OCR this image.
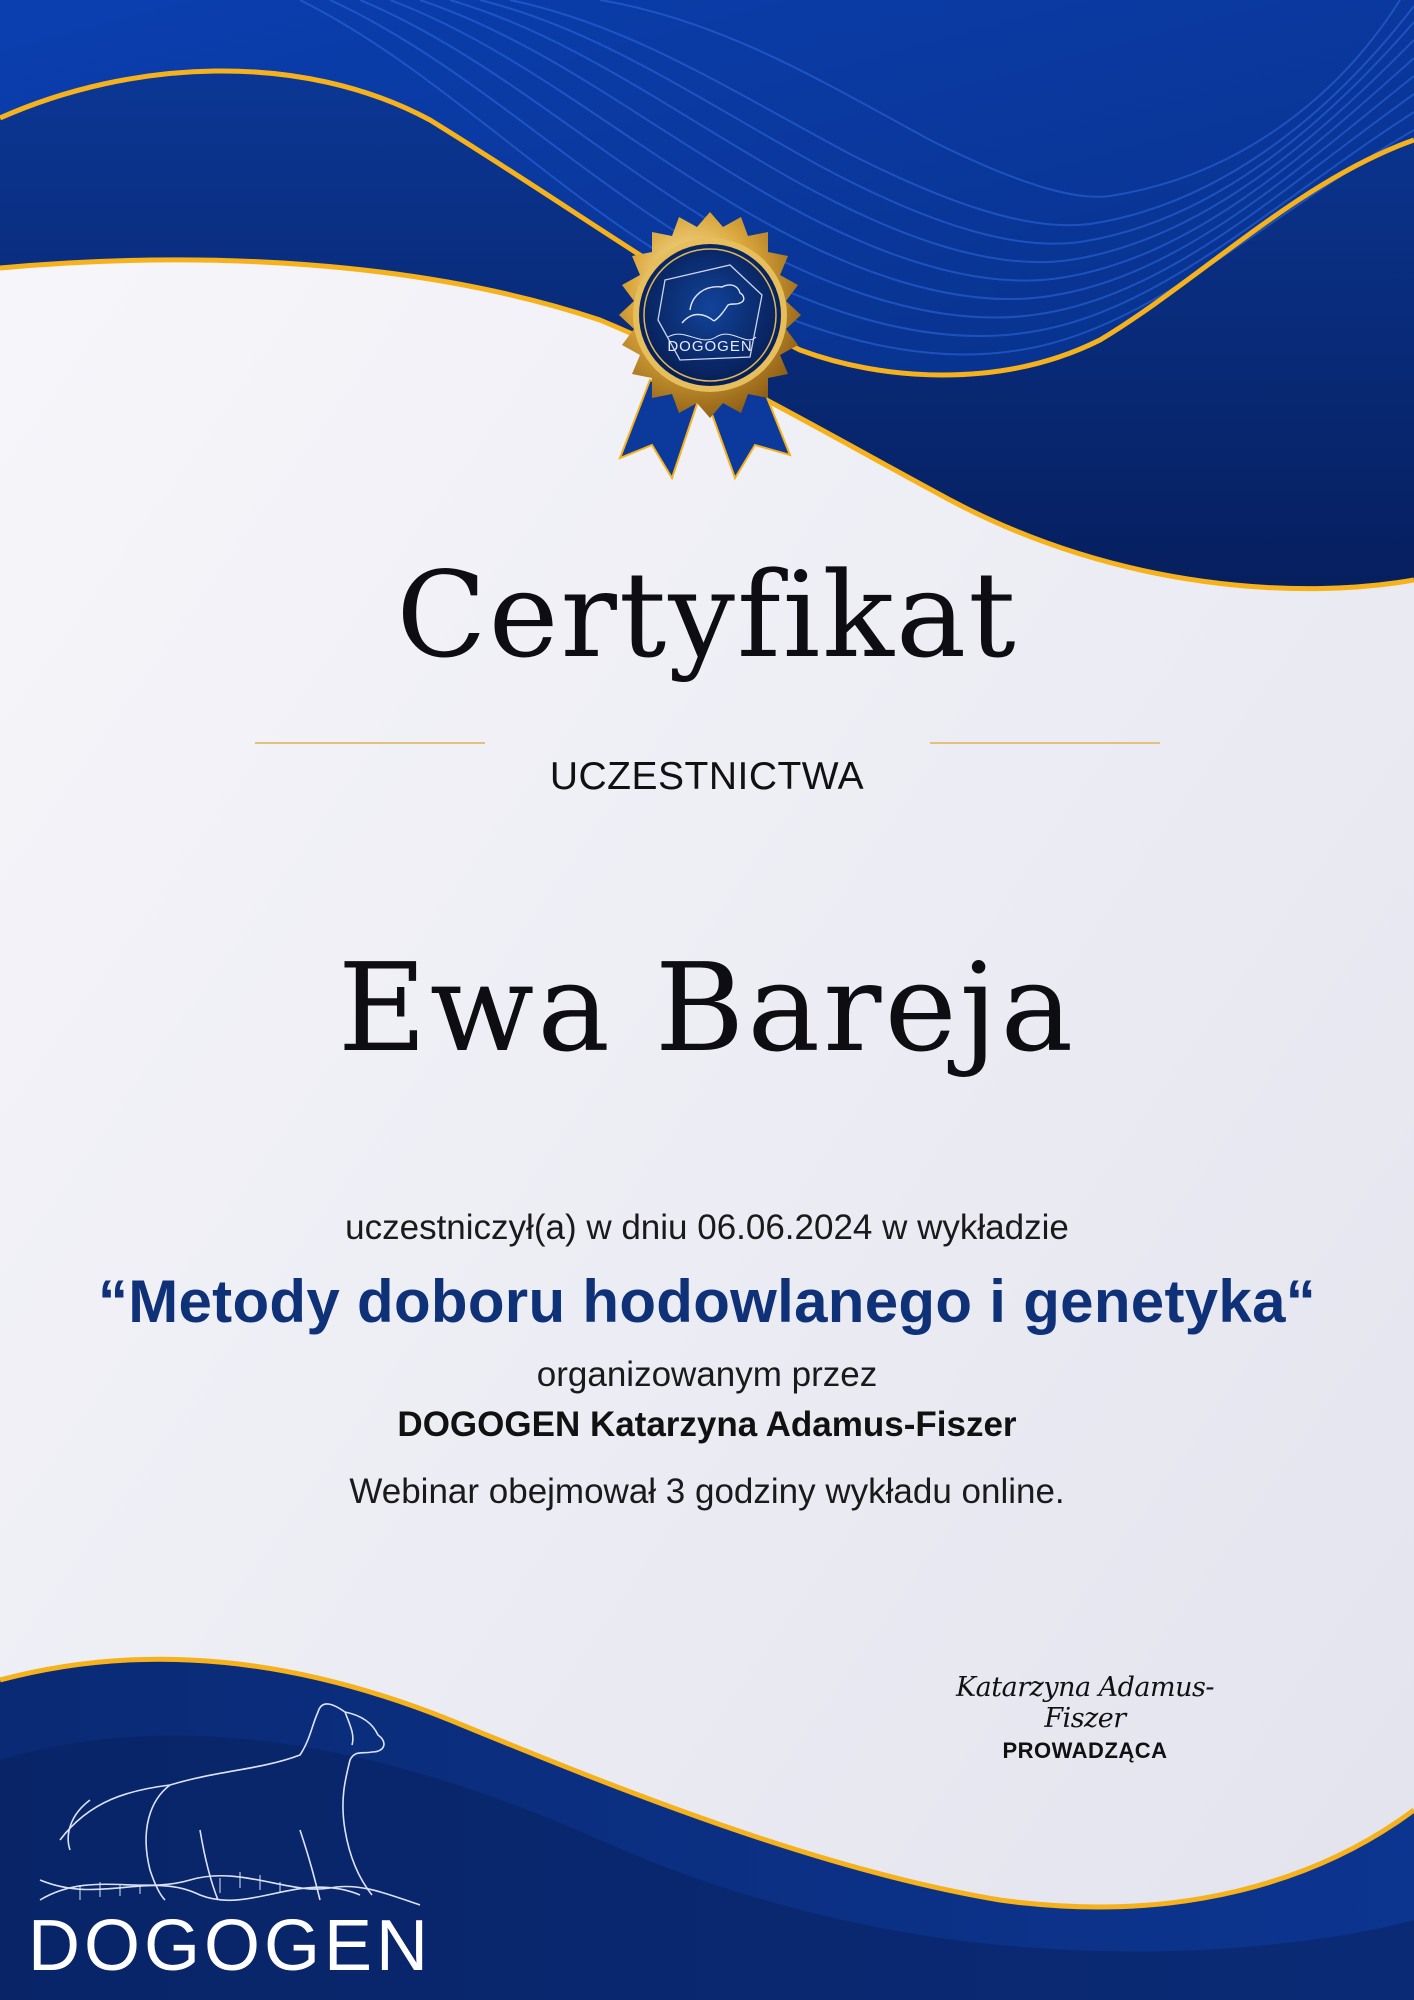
DOGOGEN
Certyfikat
UCZESTNICTWA
Ewa Bareja
uczestniczył(a) w dniu 06.06.2024 w wykładzie
“Metody doboru hodowlanego i genetyka“
organizowanym przez
DOGOGEN Katarzyna Adamus-Fiszer
Webinar obejmował 3 godziny wykładu online.
Katarzyna Adamus-Fiszer
PROWADZĄCA
DOGOGEN
